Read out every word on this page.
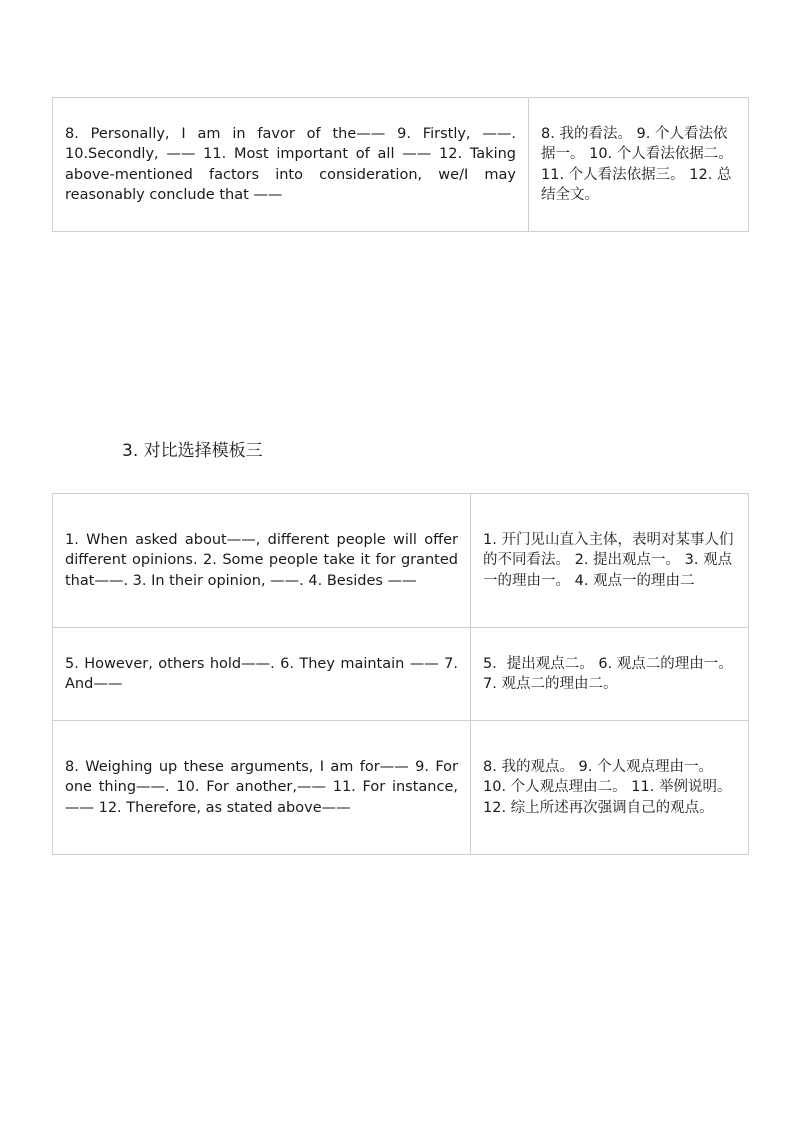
8. Personally, I am in favor of the—— 9. Firstly, ——. 10.Secondly, —— 11. Most important of all —— 12. Taking above-mentioned factors into consideration, we/I may reasonably conclude that ——	8. 我的看法。 9. 个人看法依据一。 10. 个人看法依据二。 11. 个人看法依据三。 12. 总结全文。
3. 对比选择模板三
1. When asked about——, different people will offer different opinions. 2. Some people take it for granted that——. 3. In their opinion, ——. 4. Besides ——	1. 开门见山直入主体，表明对某事人们的不同看法。 2. 提出观点一。 3. 观点一的理由一。 4. 观点一的理由二
5. However, others hold——. 6. They maintain —— 7. And——	5．提出观点二。 6. 观点二的理由一。 7. 观点二的理由二。
8. Weighing up these arguments, I am for—— 9. For one thing——. 10. For another,—— 11. For instance,—— 12. Therefore, as stated above——	8. 我的观点。 9. 个人观点理由一。 10. 个人观点理由二。 11. 举例说明。 12. 综上所述再次强调自己的观点。
